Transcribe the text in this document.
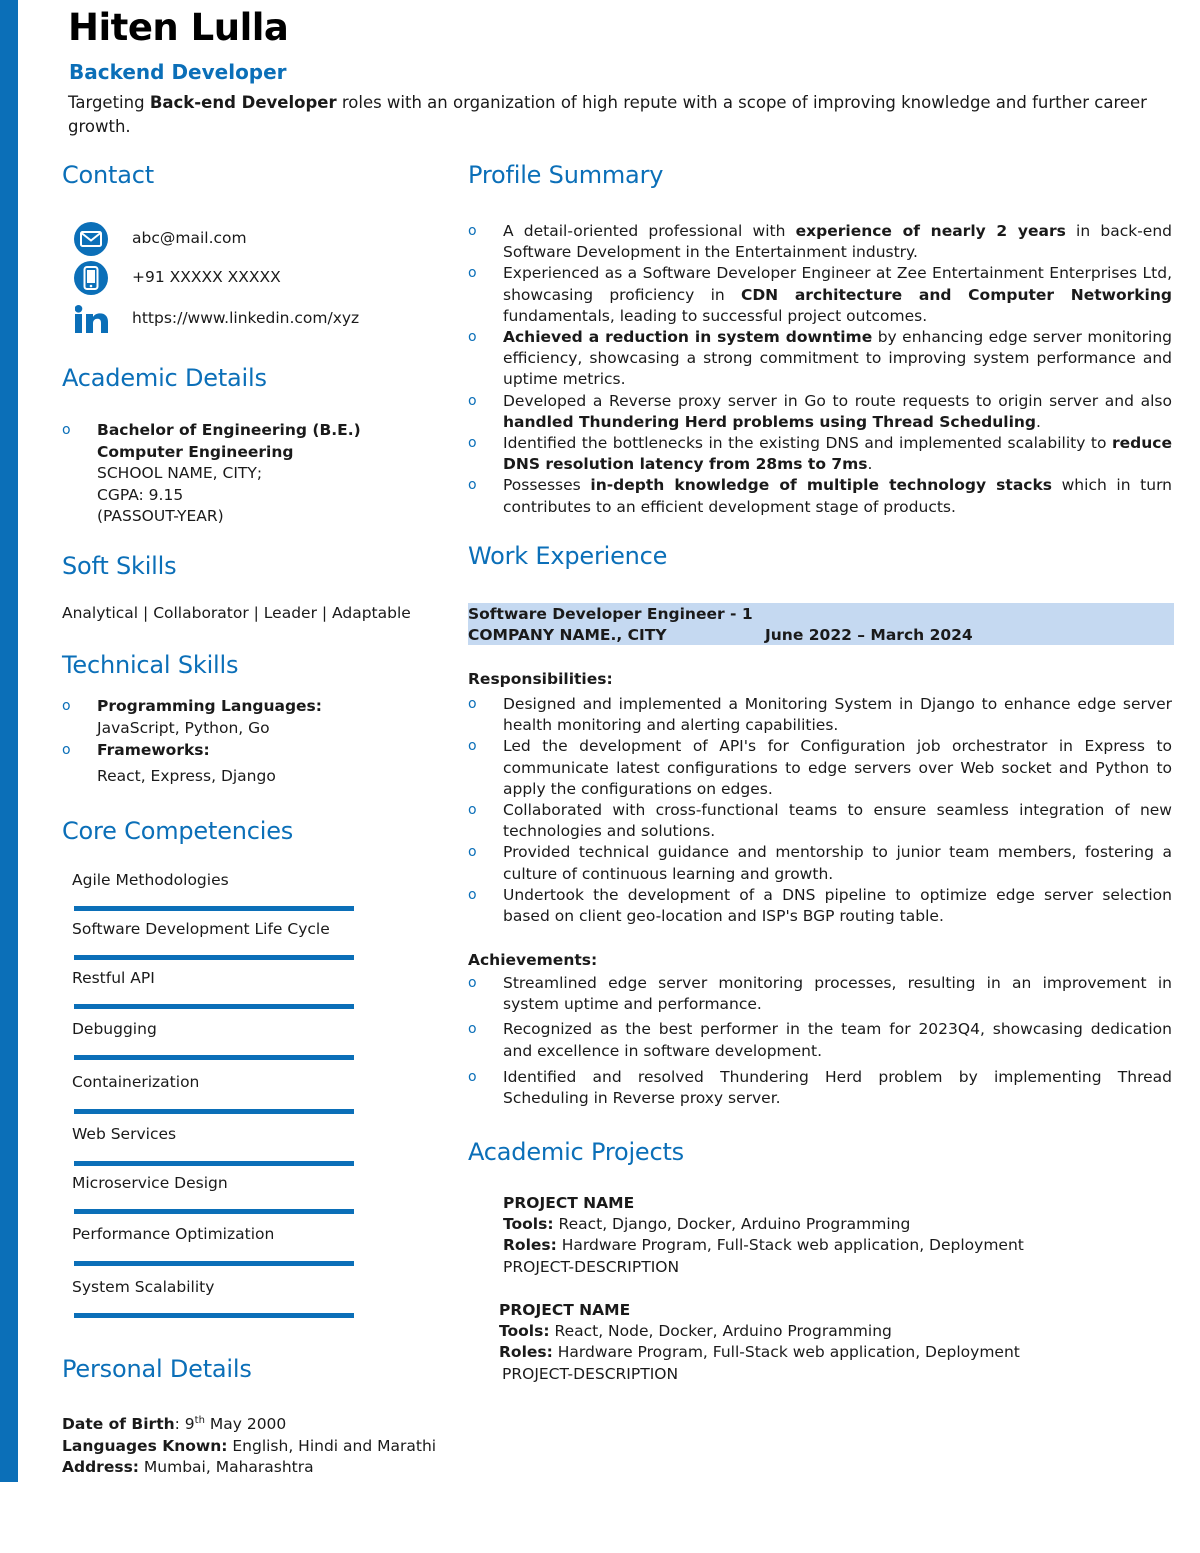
Hiten Lulla
Backend Developer
Targeting Back-end Developer roles with an organization of high repute with a scope of improving knowledge and further career growth.
Contact
abc@mail.com
+91 XXXXX XXXXX
https://www.linkedin.com/xyz
Academic Details
o Bachelor of Engineering (B.E.)
Computer Engineering
SCHOOL NAME, CITY;
CGPA: 9.15
(PASSOUT-YEAR)
Soft Skills
Analytical | Collaborator | Leader | Adaptable
Technical Skills
o Programming Languages:
JavaScript, Python, Go
o Frameworks:
React, Express, Django
Core Competencies
Agile Methodologies
Software Development Life Cycle
Restful API
Debugging
Containerization
Web Services
Microservice Design
Performance Optimization
System Scalability
Personal Details
Date of Birth: 9th May 2000
Languages Known: English, Hindi and Marathi
Address: Mumbai, Maharashtra
Profile Summary
o A detail-oriented professional with experience of nearly 2 years in back-end Software Development in the Entertainment industry.
o Experienced as a Software Developer Engineer at Zee Entertainment Enterprises Ltd, showcasing proficiency in CDN architecture and Computer Networking fundamentals, leading to successful project outcomes.
o Achieved a reduction in system downtime by enhancing edge server monitoring efficiency, showcasing a strong commitment to improving system performance and uptime metrics.
o Developed a Reverse proxy server in Go to route requests to origin server and also handled Thundering Herd problems using Thread Scheduling.
o Identified the bottlenecks in the existing DNS and implemented scalability to reduce DNS resolution latency from 28ms to 7ms.
o Possesses in-depth knowledge of multiple technology stacks which in turn contributes to an efficient development stage of products.
Work Experience
Software Developer Engineer - 1
COMPANY NAME., CITY	June 2022 – March 2024
Responsibilities:
o Designed and implemented a Monitoring System in Django to enhance edge server health monitoring and alerting capabilities.
o Led the development of API's for Configuration job orchestrator in Express to communicate latest configurations to edge servers over Web socket and Python to apply the configurations on edges.
o Collaborated with cross-functional teams to ensure seamless integration of new technologies and solutions.
o Provided technical guidance and mentorship to junior team members, fostering a culture of continuous learning and growth.
o Undertook the development of a DNS pipeline to optimize edge server selection based on client geo-location and ISP's BGP routing table.
Achievements:
o Streamlined edge server monitoring processes, resulting in an improvement in system uptime and performance.
o Recognized as the best performer in the team for 2023Q4, showcasing dedication and excellence in software development.
o Identified and resolved Thundering Herd problem by implementing Thread Scheduling in Reverse proxy server.
Academic Projects
PROJECT NAME
Tools: React, Django, Docker, Arduino Programming
Roles: Hardware Program, Full-Stack web application, Deployment
PROJECT-DESCRIPTION
PROJECT NAME
Tools: React, Node, Docker, Arduino Programming
Roles: Hardware Program, Full-Stack web application, Deployment
PROJECT-DESCRIPTION
